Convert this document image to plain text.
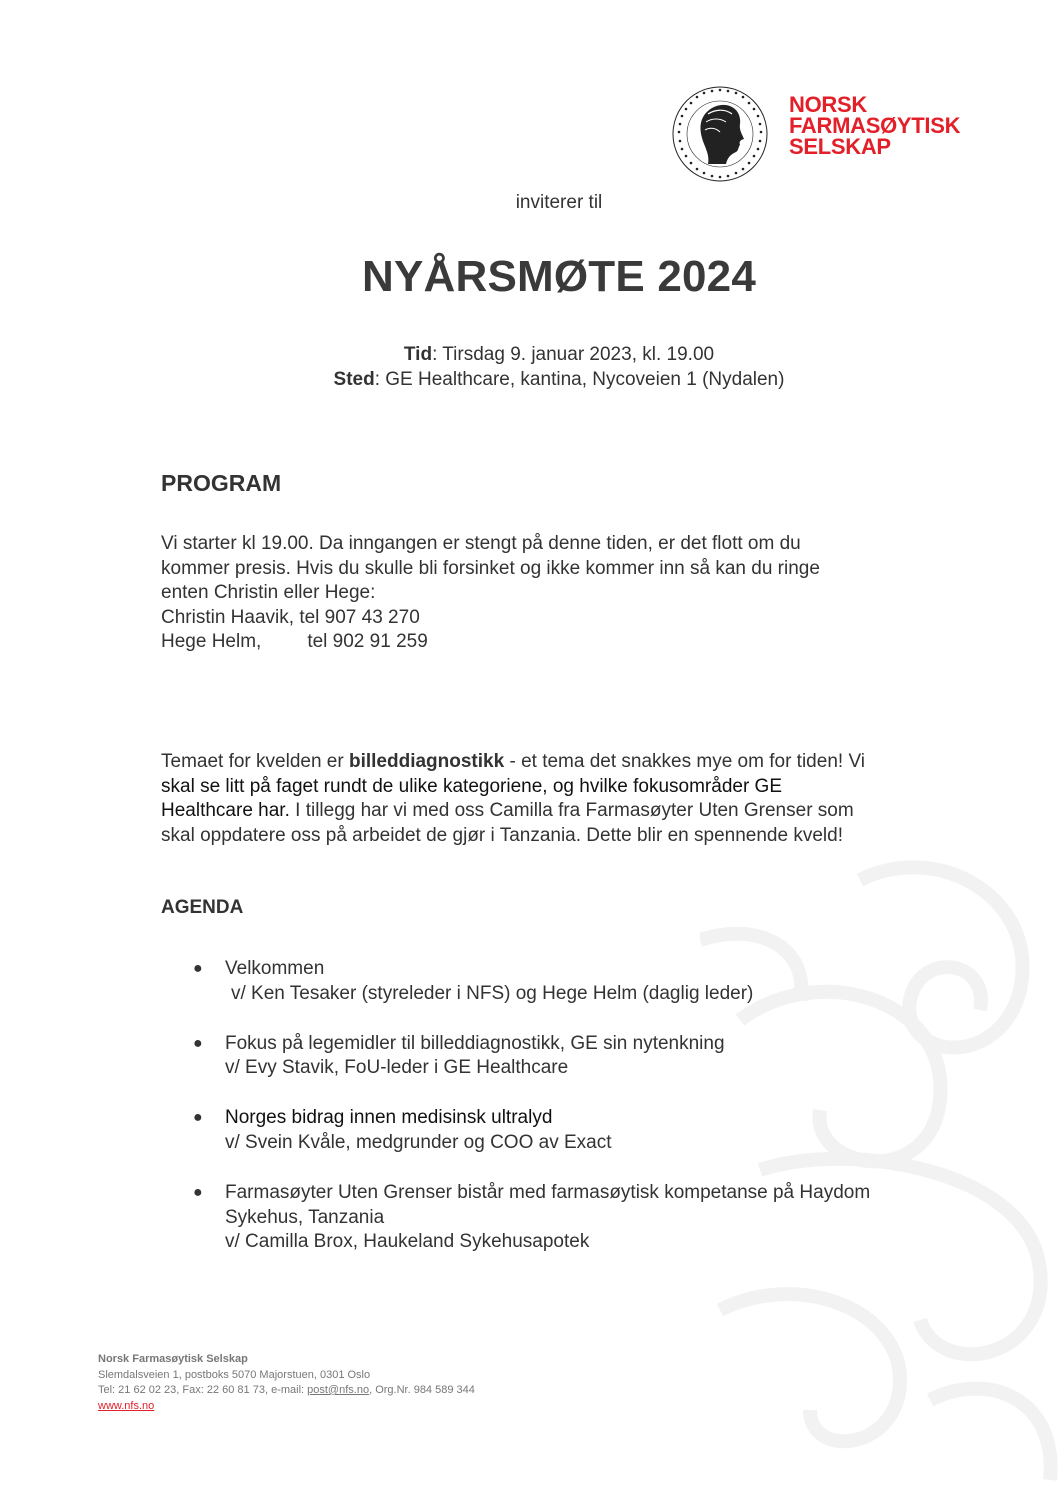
NORSK
FARMASØYTISK
SELSKAP
inviterer til
NYÅRSMØTE 2024
Tid: Tirsdag 9. januar 2023, kl. 19.00
Sted: GE Healthcare, kantina, Nycoveien 1 (Nydalen)
PROGRAM
Vi starter kl 19.00. Da inngangen er stengt på denne tiden, er det flott om du
kommer presis. Hvis du skulle bli forsinket og ikke kommer inn så kan du ringe
enten Christin eller Hege:
Christin Haavik, tel 907 43 270
Hege Helm, tel 902 91 259
Temaet for kvelden er billeddiagnostikk - et tema det snakkes mye om for tiden! Vi
skal se litt på faget rundt de ulike kategoriene, og hvilke fokusområder GE
Healthcare har. I tillegg har vi med oss Camilla fra Farmasøyter Uten Grenser som
skal oppdatere oss på arbeidet de gjør i Tanzania. Dette blir en spennende kveld!
AGENDA
● Velkommen
v/ Ken Tesaker (styreleder i NFS) og Hege Helm (daglig leder)
● Fokus på legemidler til billeddiagnostikk, GE sin nytenkning
v/ Evy Stavik, FoU-leder i GE Healthcare
● Norges bidrag innen medisinsk ultralyd
v/ Svein Kvåle, medgrunder og COO av Exact
● Farmasøyter Uten Grenser bistår med farmasøytisk kompetanse på Haydom
Sykehus, Tanzania
v/ Camilla Brox, Haukeland Sykehusapotek
Norsk Farmasøytisk Selskap
Slemdalsveien 1, postboks 5070 Majorstuen, 0301 Oslo
Tel: 21 62 02 23, Fax: 22 60 81 73, e-mail: post@nfs.no, Org.Nr. 984 589 344
www.nfs.no
